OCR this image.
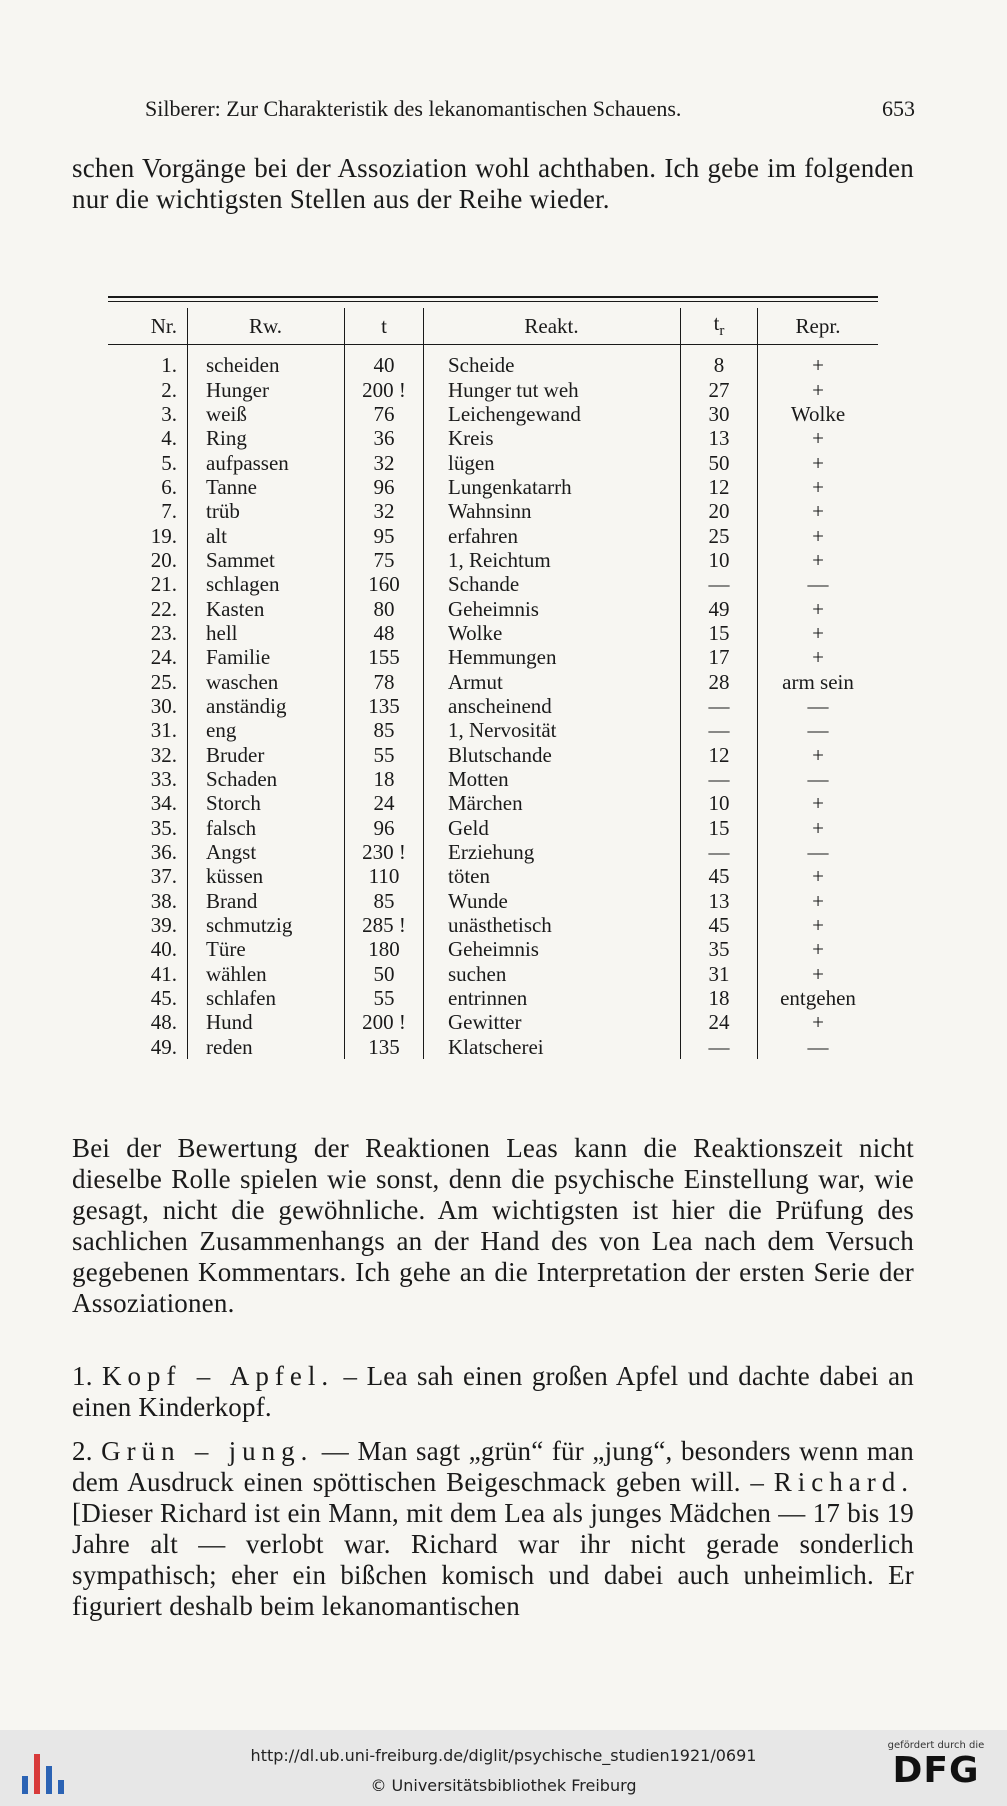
Silberer: Zur Charakteristik des lekanomantischen Schauens.	653
schen Vorgänge bei der Assoziation wohl achthaben. Ich gebe im folgenden nur die wichtigsten Stellen aus der Reihe wieder.
Nr.	Rw.	t	Reakt.	$t_r$	Repr.
1.	scheiden	40	Scheide	8	+
2.	Hunger	200 !	Hunger tut weh	27	+
3.	weiß	76	Leichengewand	30	Wolke
4.	Ring	36	Kreis	13	+
5.	aufpassen	32	lügen	50	+
6.	Tanne	96	Lungenkatarrh	12	+
7.	trüb	32	Wahnsinn	20	+
19.	alt	95	erfahren	25	+
20.	Sammet	75	1, Reichtum	10	+
21.	schlagen	160	Schande	—	—
22.	Kasten	80	Geheimnis	49	+
23.	hell	48	Wolke	15	+
24.	Familie	155	Hemmungen	17	+
25.	waschen	78	Armut	28	arm sein
30.	anständig	135	anscheinend	—	—
31.	eng	85	1, Nervosität	—	—
32.	Bruder	55	Blutschande	12	+
33.	Schaden	18	Motten	—	—
34.	Storch	24	Märchen	10	+
35.	falsch	96	Geld	15	+
36.	Angst	230 !	Erziehung	—	—
37.	küssen	110	töten	45	+
38.	Brand	85	Wunde	13	+
39.	schmutzig	285 !	unästhetisch	45	+
40.	Türe	180	Geheimnis	35	+
41.	wählen	50	suchen	31	+
45.	schlafen	55	entrinnen	18	entgehen
48.	Hund	200 !	Gewitter	24	+
49.	reden	135	Klatscherei	—	—
Bei der Bewertung der Reaktionen Leas kann die Reaktionszeit nicht dieselbe Rolle spielen wie sonst, denn die psychische Einstellung war, wie gesagt, nicht die gewöhnliche. Am wichtigsten ist hier die Prüfung des sachlichen Zusammenhangs an der Hand des von Lea nach dem Versuch gegebenen Kommentars. Ich gehe an die Interpretation der ersten Serie der Assoziationen.
1. Kopf – Apfel. – Lea sah einen großen Apfel und dachte dabei an einen Kinderkopf.
2. Grün – jung. — Man sagt „grün“ für „jung“, besonders wenn man dem Ausdruck einen spöttischen Beigeschmack geben will. – Richard. [Dieser Richard ist ein Mann, mit dem Lea als junges Mädchen — 17 bis 19 Jahre alt — verlobt war. Richard war ihr nicht gerade sonderlich sympathisch; eher ein bißchen komisch und dabei auch unheimlich. Er figuriert deshalb beim lekanomantischen
http://dl.ub.uni-freiburg.de/diglit/psychische_studien1921/0691
© Universitätsbibliothek Freiburg
gefördert durch die
DFG
